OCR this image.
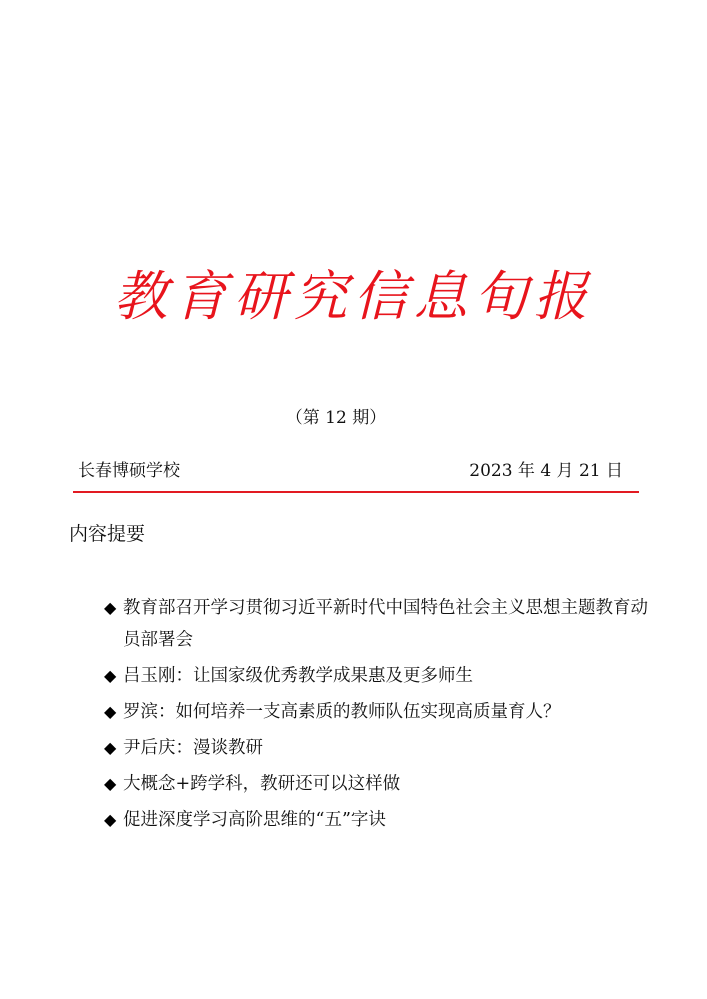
教育研究信息旬报
（第 12 期）
长春博硕学校	2023 年 4 月 21 日
内容提要
◆ 教育部召开学习贯彻习近平新时代中国特色社会主义思想主题教育动员部署会
◆ 吕玉刚：让国家级优秀教学成果惠及更多师生
◆ 罗滨：如何培养一支高素质的教师队伍实现高质量育人？
◆ 尹后庆：漫谈教研
◆ 大概念+跨学科，教研还可以这样做
◆ 促进深度学习高阶思维的“五”字诀
